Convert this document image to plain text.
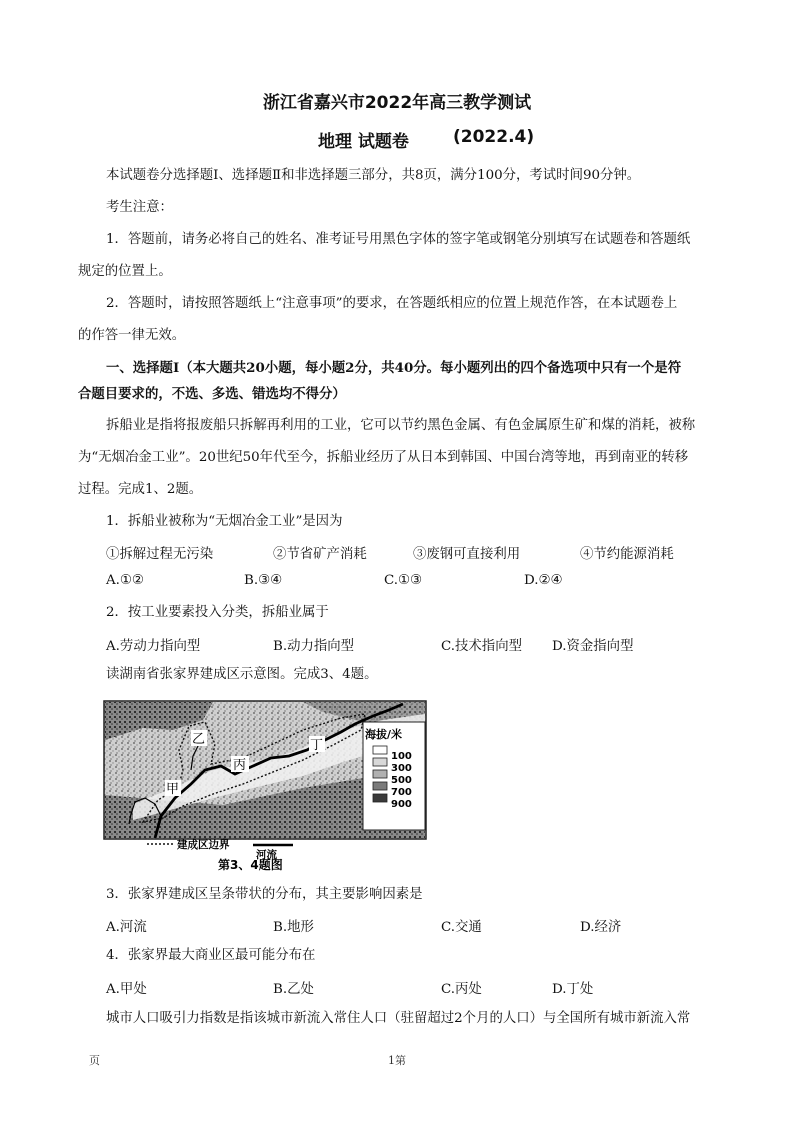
浙江省嘉兴市2022年高三教学测试
地理 试题卷	(2022.4)
本试题卷分选择题Ⅰ、选择题Ⅱ和非选择题三部分，共8页，满分100分，考试时间90分钟。
考生注意：
1．答题前，请务必将自己的姓名、准考证号用黑色字体的签字笔或钢笔分别填写在试题卷和答题纸
规定的位置上。
2．答题时，请按照答题纸上“注意事项”的要求，在答题纸相应的位置上规范作答，在本试题卷上
的作答一律无效。
一、选择题Ⅰ（本大题共20小题，每小题2分，共40分。每小题列出的四个备选项中只有一个是符
合题目要求的，不选、多选、错选均不得分）
拆船业是指将报废船只拆解再利用的工业，它可以节约黑色金属、有色金属原生矿和煤的消耗，被称
为“无烟冶金工业”。20世纪50年代至今，拆船业经历了从日本到韩国、中国台湾等地，再到南亚的转移
过程。完成1、2题。
1．拆船业被称为“无烟冶金工业”是因为
①拆解过程无污染	②节省矿产消耗	③废钢可直接利用	④节约能源消耗
A.①②	B.③④	C.①③	D.②④
2．按工业要素投入分类，拆船业属于
A.劳动力指向型	B.动力指向型	C.技术指向型 D.资金指向型
读湖南省张家界建成区示意图。完成3、4题。
甲
乙
丙
丁
海拔/米
100
300
500
700
900
建成区边界
河流
第3、4题图
3．张家界建成区呈条带状的分布，其主要影响因素是
A.河流	B.地形	C.交通	D.经济
4．张家界最大商业区最可能分布在
A.甲处	B.乙处	C.丙处	D.丁处
城市人口吸引力指数是指该城市新流入常住人口（驻留超过2个月的人口）与全国所有城市新流入常
页	1第
